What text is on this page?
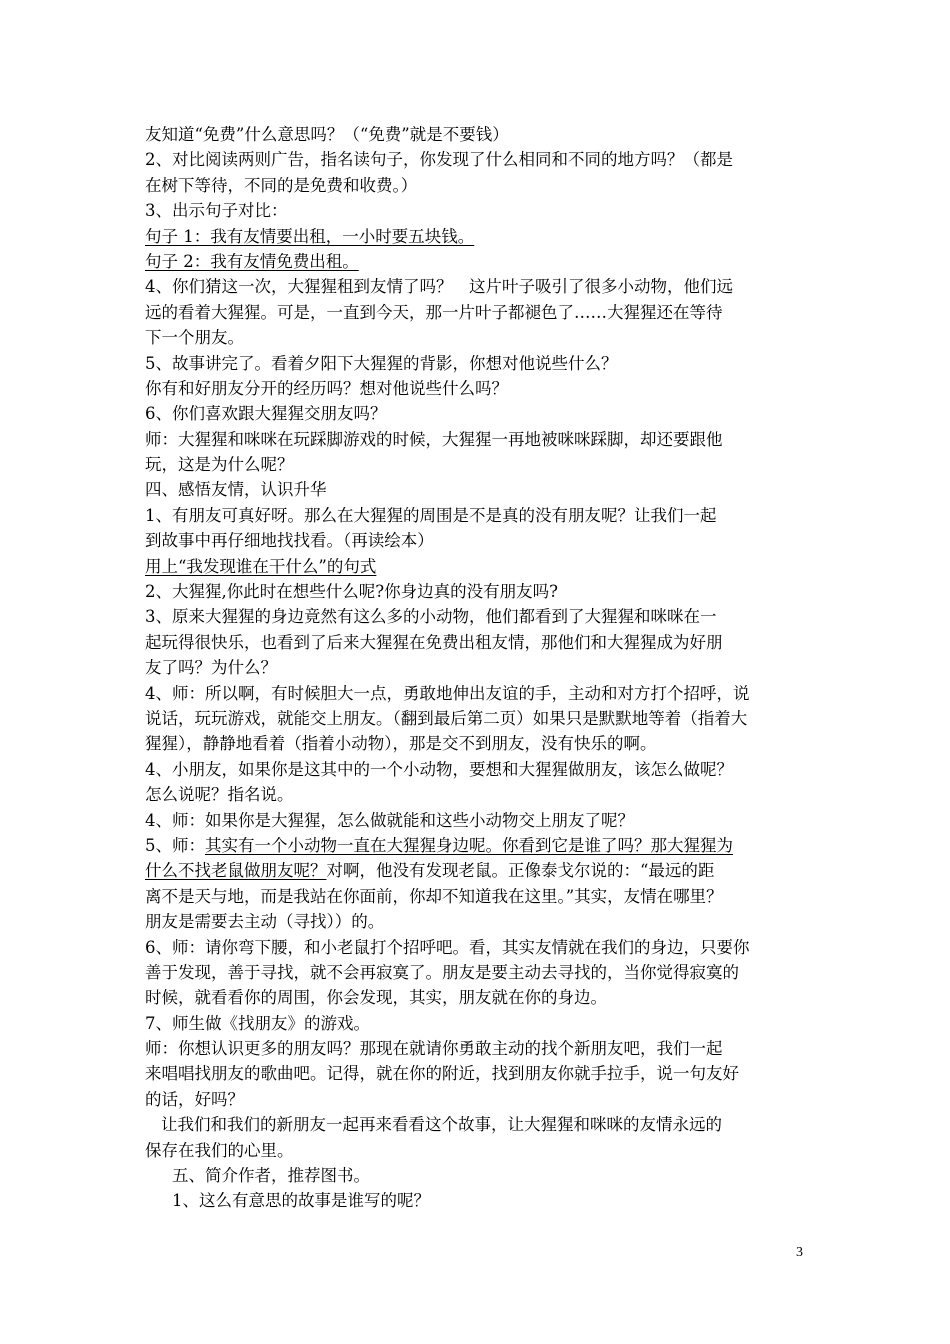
友知道“免费”什么意思吗？（“免费”就是不要钱）
2、对比阅读两则广告，指名读句子，你发现了什么相同和不同的地方吗？（都是
在树下等待，不同的是免费和收费。）
3、出示句子对比：
句子 1：我有友情要出租，一小时要五块钱。
句子 2：我有友情免费出租。
4、你们猜这一次，大猩猩租到友情了吗？　这片叶子吸引了很多小动物，他们远
远的看着大猩猩。可是，一直到今天，那一片叶子都褪色了……大猩猩还在等待
下一个朋友。
5、故事讲完了。看着夕阳下大猩猩的背影，你想对他说些什么？
你有和好朋友分开的经历吗？想对他说些什么吗？
6、你们喜欢跟大猩猩交朋友吗？
师：大猩猩和咪咪在玩踩脚游戏的时候，大猩猩一再地被咪咪踩脚，却还要跟他
玩，这是为什么呢？
四、感悟友情，认识升华
1、有朋友可真好呀。那么在大猩猩的周围是不是真的没有朋友呢？让我们一起
到故事中再仔细地找找看。（再读绘本）
用上“我发现谁在干什么”的句式
2、大猩猩,你此时在想些什么呢?你身边真的没有朋友吗?
3、原来大猩猩的身边竟然有这么多的小动物，他们都看到了大猩猩和咪咪在一
起玩得很快乐，也看到了后来大猩猩在免费出租友情，那他们和大猩猩成为好朋
友了吗？为什么？
4、师：所以啊，有时候胆大一点，勇敢地伸出友谊的手，主动和对方打个招呼，说
说话，玩玩游戏，就能交上朋友。（翻到最后第二页）如果只是默默地等着（指着大
猩猩），静静地看着（指着小动物），那是交不到朋友，没有快乐的啊。
4、小朋友，如果你是这其中的一个小动物，要想和大猩猩做朋友，该怎么做呢？
怎么说呢？指名说。
4、师：如果你是大猩猩，怎么做就能和这些小动物交上朋友了呢？
5、师：其实有一个小动物一直在大猩猩身边呢。你看到它是谁了吗？那大猩猩为
什么不找老鼠做朋友呢？对啊，他没有发现老鼠。正像泰戈尔说的：“最远的距
离不是天与地，而是我站在你面前，你却不知道我在这里。”其实，友情在哪里？
朋友是需要去主动（寻找））的。
6、师：请你弯下腰，和小老鼠打个招呼吧。看，其实友情就在我们的身边，只要你
善于发现，善于寻找，就不会再寂寞了。朋友是要主动去寻找的，当你觉得寂寞的
时候，就看看你的周围，你会发现，其实，朋友就在你的身边。
7、师生做《找朋友》的游戏。
师：你想认识更多的朋友吗？那现在就请你勇敢主动的找个新朋友吧，我们一起
来唱唱找朋友的歌曲吧。记得，就在你的附近，找到朋友你就手拉手，说一句友好
的话，好吗？
让我们和我们的新朋友一起再来看看这个故事，让大猩猩和咪咪的友情永远的
保存在我们的心里。
五、简介作者，推荐图书。
1、这么有意思的故事是谁写的呢？
3
